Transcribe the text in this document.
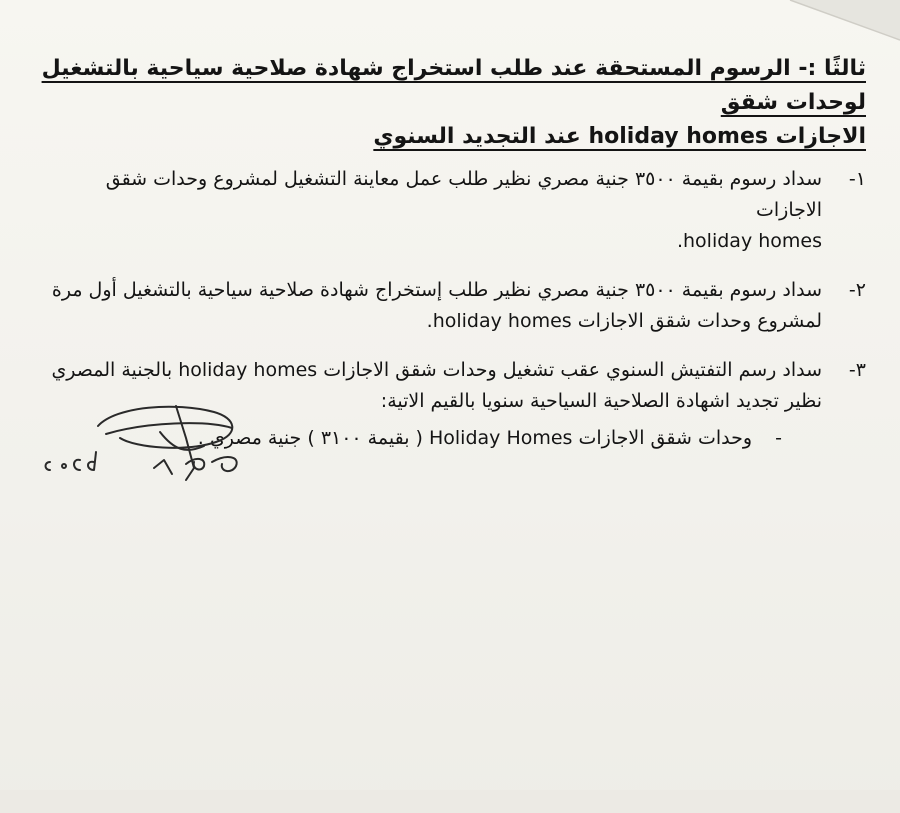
ثالثًا :- الرسوم المستحقة عند طلب استخراج شهادة صلاحية سياحية بالتشغيل لوحدات شقق
الاجازات holiday homes عند التجديد السنوي
١-
سداد رسوم بقيمة ٣٥٠٠ جنية مصري نظير طلب عمل معاينة التشغيل لمشروع وحدات شقق الاجازات
holiday homes.
٢-
سداد رسوم بقيمة ٣٥٠٠ جنية مصري نظير طلب إستخراج شهادة صلاحية سياحية بالتشغيل أول مرة
لمشروع وحدات شقق الاجازات holiday homes.
٣-
سداد رسم التفتيش السنوي عقب تشغيل وحدات شقق الاجازات holiday homes بالجنية المصري
نظير تجديد اشهادة الصلاحية السياحية سنويا بالقيم الاتية:
-
وحدات شقق الاجازات Holiday Homes ( بقيمة ٣١٠٠ ) جنية مصري .
